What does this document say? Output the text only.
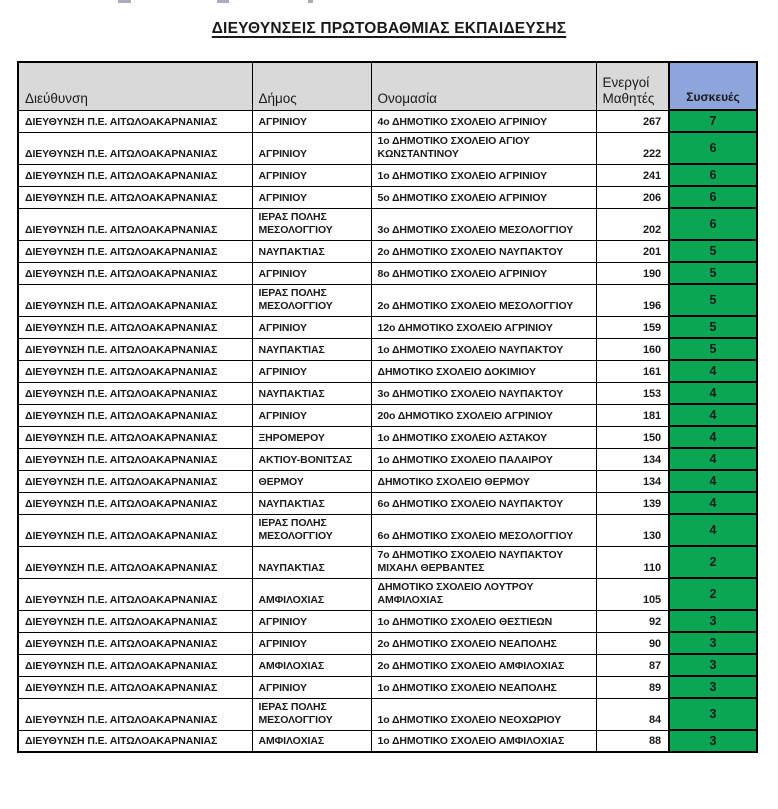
ΔΙΕΥΘΥΝΣΕΙΣ ΠΡΩΤΟΒΑΘΜΙΑΣ ΕΚΠΑΙΔΕΥΣΗΣ
Διεύθυνση	Δήμος	Ονομασία	Ενεργοί Μαθητές	Συσκευές
ΔΙΕΥΘΥΝΣΗ Π.Ε. ΑΙΤΩΛΟΑΚΑΡΝΑΝΙΑΣ	ΑΓΡΙΝΙΟΥ	4ο ΔΗΜΟΤΙΚΟ ΣΧΟΛΕΙΟ ΑΓΡΙΝΙΟΥ	267	7
ΔΙΕΥΘΥΝΣΗ Π.Ε. ΑΙΤΩΛΟΑΚΑΡΝΑΝΙΑΣ	ΑΓΡΙΝΙΟΥ	1ο ΔΗΜΟΤΙΚΟ ΣΧΟΛΕΙΟ ΑΓΙΟΥ ΚΩΝΣΤΑΝΤΙΝΟΥ	222	6
ΔΙΕΥΘΥΝΣΗ Π.Ε. ΑΙΤΩΛΟΑΚΑΡΝΑΝΙΑΣ	ΑΓΡΙΝΙΟΥ	1ο ΔΗΜΟΤΙΚΟ ΣΧΟΛΕΙΟ ΑΓΡΙΝΙΟΥ	241	6
ΔΙΕΥΘΥΝΣΗ Π.Ε. ΑΙΤΩΛΟΑΚΑΡΝΑΝΙΑΣ	ΑΓΡΙΝΙΟΥ	5ο ΔΗΜΟΤΙΚΟ ΣΧΟΛΕΙΟ ΑΓΡΙΝΙΟΥ	206	6
ΔΙΕΥΘΥΝΣΗ Π.Ε. ΑΙΤΩΛΟΑΚΑΡΝΑΝΙΑΣ	ΙΕΡΑΣ ΠΟΛΗΣ ΜΕΣΟΛΟΓΓΙΟΥ	3ο ΔΗΜΟΤΙΚΟ ΣΧΟΛΕΙΟ ΜΕΣΟΛΟΓΓΙΟΥ	202	6
ΔΙΕΥΘΥΝΣΗ Π.Ε. ΑΙΤΩΛΟΑΚΑΡΝΑΝΙΑΣ	ΝΑΥΠΑΚΤΙΑΣ	2ο ΔΗΜΟΤΙΚΟ ΣΧΟΛΕΙΟ ΝΑΥΠΑΚΤΟΥ	201	5
ΔΙΕΥΘΥΝΣΗ Π.Ε. ΑΙΤΩΛΟΑΚΑΡΝΑΝΙΑΣ	ΑΓΡΙΝΙΟΥ	8ο ΔΗΜΟΤΙΚΟ ΣΧΟΛΕΙΟ ΑΓΡΙΝΙΟΥ	190	5
ΔΙΕΥΘΥΝΣΗ Π.Ε. ΑΙΤΩΛΟΑΚΑΡΝΑΝΙΑΣ	ΙΕΡΑΣ ΠΟΛΗΣ ΜΕΣΟΛΟΓΓΙΟΥ	2ο ΔΗΜΟΤΙΚΟ ΣΧΟΛΕΙΟ ΜΕΣΟΛΟΓΓΙΟΥ	196	5
ΔΙΕΥΘΥΝΣΗ Π.Ε. ΑΙΤΩΛΟΑΚΑΡΝΑΝΙΑΣ	ΑΓΡΙΝΙΟΥ	12ο ΔΗΜΟΤΙΚΟ ΣΧΟΛΕΙΟ ΑΓΡΙΝΙΟΥ	159	5
ΔΙΕΥΘΥΝΣΗ Π.Ε. ΑΙΤΩΛΟΑΚΑΡΝΑΝΙΑΣ	ΝΑΥΠΑΚΤΙΑΣ	1ο ΔΗΜΟΤΙΚΟ ΣΧΟΛΕΙΟ ΝΑΥΠΑΚΤΟΥ	160	5
ΔΙΕΥΘΥΝΣΗ Π.Ε. ΑΙΤΩΛΟΑΚΑΡΝΑΝΙΑΣ	ΑΓΡΙΝΙΟΥ	ΔΗΜΟΤΙΚΟ ΣΧΟΛΕΙΟ ΔΟΚΙΜΙΟΥ	161	4
ΔΙΕΥΘΥΝΣΗ Π.Ε. ΑΙΤΩΛΟΑΚΑΡΝΑΝΙΑΣ	ΝΑΥΠΑΚΤΙΑΣ	3ο ΔΗΜΟΤΙΚΟ ΣΧΟΛΕΙΟ ΝΑΥΠΑΚΤΟΥ	153	4
ΔΙΕΥΘΥΝΣΗ Π.Ε. ΑΙΤΩΛΟΑΚΑΡΝΑΝΙΑΣ	ΑΓΡΙΝΙΟΥ	20ο ΔΗΜΟΤΙΚΟ ΣΧΟΛΕΙΟ ΑΓΡΙΝΙΟΥ	181	4
ΔΙΕΥΘΥΝΣΗ Π.Ε. ΑΙΤΩΛΟΑΚΑΡΝΑΝΙΑΣ	ΞΗΡΟΜΕΡΟΥ	1ο ΔΗΜΟΤΙΚΟ ΣΧΟΛΕΙΟ ΑΣΤΑΚΟΥ	150	4
ΔΙΕΥΘΥΝΣΗ Π.Ε. ΑΙΤΩΛΟΑΚΑΡΝΑΝΙΑΣ	ΑΚΤΙΟΥ-ΒΟΝΙΤΣΑΣ	1ο ΔΗΜΟΤΙΚΟ ΣΧΟΛΕΙΟ ΠΑΛΑΙΡΟΥ	134	4
ΔΙΕΥΘΥΝΣΗ Π.Ε. ΑΙΤΩΛΟΑΚΑΡΝΑΝΙΑΣ	ΘΕΡΜΟΥ	ΔΗΜΟΤΙΚΟ ΣΧΟΛΕΙΟ ΘΕΡΜΟΥ	134	4
ΔΙΕΥΘΥΝΣΗ Π.Ε. ΑΙΤΩΛΟΑΚΑΡΝΑΝΙΑΣ	ΝΑΥΠΑΚΤΙΑΣ	6ο ΔΗΜΟΤΙΚΟ ΣΧΟΛΕΙΟ ΝΑΥΠΑΚΤΟΥ	139	4
ΔΙΕΥΘΥΝΣΗ Π.Ε. ΑΙΤΩΛΟΑΚΑΡΝΑΝΙΑΣ	ΙΕΡΑΣ ΠΟΛΗΣ ΜΕΣΟΛΟΓΓΙΟΥ	6ο ΔΗΜΟΤΙΚΟ ΣΧΟΛΕΙΟ ΜΕΣΟΛΟΓΓΙΟΥ	130	4
ΔΙΕΥΘΥΝΣΗ Π.Ε. ΑΙΤΩΛΟΑΚΑΡΝΑΝΙΑΣ	ΝΑΥΠΑΚΤΙΑΣ	7ο ΔΗΜΟΤΙΚΟ ΣΧΟΛΕΙΟ ΝΑΥΠΑΚΤΟΥ ΜΙΧΑΗΛ ΘΕΡΒΑΝΤΕΣ	110	2
ΔΙΕΥΘΥΝΣΗ Π.Ε. ΑΙΤΩΛΟΑΚΑΡΝΑΝΙΑΣ	ΑΜΦΙΛΟΧΙΑΣ	ΔΗΜΟΤΙΚΟ ΣΧΟΛΕΙΟ ΛΟΥΤΡΟΥ ΑΜΦΙΛΟΧΙΑΣ	105	2
ΔΙΕΥΘΥΝΣΗ Π.Ε. ΑΙΤΩΛΟΑΚΑΡΝΑΝΙΑΣ	ΑΓΡΙΝΙΟΥ	1ο ΔΗΜΟΤΙΚΟ ΣΧΟΛΕΙΟ ΘΕΣΤΙΕΩΝ	92	3
ΔΙΕΥΘΥΝΣΗ Π.Ε. ΑΙΤΩΛΟΑΚΑΡΝΑΝΙΑΣ	ΑΓΡΙΝΙΟΥ	2ο ΔΗΜΟΤΙΚΟ ΣΧΟΛΕΙΟ ΝΕΑΠΟΛΗΣ	90	3
ΔΙΕΥΘΥΝΣΗ Π.Ε. ΑΙΤΩΛΟΑΚΑΡΝΑΝΙΑΣ	ΑΜΦΙΛΟΧΙΑΣ	2ο ΔΗΜΟΤΙΚΟ ΣΧΟΛΕΙΟ ΑΜΦΙΛΟΧΙΑΣ	87	3
ΔΙΕΥΘΥΝΣΗ Π.Ε. ΑΙΤΩΛΟΑΚΑΡΝΑΝΙΑΣ	ΑΓΡΙΝΙΟΥ	1ο ΔΗΜΟΤΙΚΟ ΣΧΟΛΕΙΟ ΝΕΑΠΟΛΗΣ	89	3
ΔΙΕΥΘΥΝΣΗ Π.Ε. ΑΙΤΩΛΟΑΚΑΡΝΑΝΙΑΣ	ΙΕΡΑΣ ΠΟΛΗΣ ΜΕΣΟΛΟΓΓΙΟΥ	1ο ΔΗΜΟΤΙΚΟ ΣΧΟΛΕΙΟ ΝΕΟΧΩΡΙΟΥ	84	3
ΔΙΕΥΘΥΝΣΗ Π.Ε. ΑΙΤΩΛΟΑΚΑΡΝΑΝΙΑΣ	ΑΜΦΙΛΟΧΙΑΣ	1ο ΔΗΜΟΤΙΚΟ ΣΧΟΛΕΙΟ ΑΜΦΙΛΟΧΙΑΣ	88	3
